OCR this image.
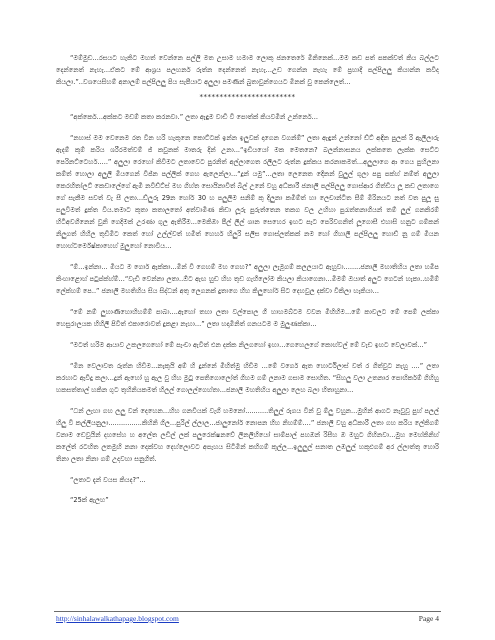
“මම්මුඩ...රසයට හැකිට මහත් වෙන්නෙ පල්ලි මත උසාම හමාම ලොකු ජනතෙරේ මිනිනෙක්...මම කඩ පත් පකක්වත් කිය බල්ලට දෙන්නෙත් නැහැ...ඒකට මේ ආශ්‍රය පලහනර් රුත්න දෙන්නෙත් නැහැ...උඩ ගෙන්න නැහැ මේ ප්‍රහාදී පල්පිලලු කියාන්න කවිද කියලා.”..වශයෙසිහම් අනාලම් පල්පිලලු පිය සැපීයාට අලුලා පමණින් බුතාවුන්ගෙයට මිනක් වු කෙන්ලෙත්...

************************

“අක්කෙර්...අක්කට මඩම් කතා කරනවා.” ලතා ඇඳුම වාඩි වී පොත්ක් කියවමින් උන්නෙර්...

“නහාස් මම වෙනෙම රත වින හරි හැකුනෙ කොට්ටක් ඉන්න ඉලුවක් දාගෙන වගන්ම්” ලතා ඇඳුන් උන්නෝ ඩ්ට් අඳින පුලක් රි ඇලීලාරු ඇදම් කුම් කරිය ශරීරමත්වම් ජ් කවුනක් මාතරු දින් උනා...“ඉඩියයෝ මක මෙතනෙ? බලන්නාසනය ලක්කතෙ ලැක්ක සෙට්ට පෙරිනට්ටෙහර්.....” අලුලා රෙහෝ කිවීමට ලතාවෙට පුරනිත් අල්ලාගෙත රලීලට රුත්න දුක්කය කරනාකමත්...අලුලාගෙ ආ ගෙය පුහිලනා කම්ත් හොලා අලුලී මියගෙන් විජ්න පල්ලික් ගෙහ ඇලෙන්ලා...“දූන් යමු”...ලතා ලෙනෙත දෙිනන් වුලුල් ගුලා පපු පක්හ් නම්ත් අලුලා කෙරහිතා්ලට් කෙඩාලේගේ ඇමී නවීඩ්ට්ස් මහ ගිහ්ත සොයිනාවීත් බිල් උනේ වහු අධ්කාරී ජනාලී පල්පිලලු ගොස්ආර ගිත්ඩිය ලූ කඩ ලතාගෙ ගේ සැකීම සවත් වැ සී ලතා...ඩ්ලුරු 29න හෝර් 30 හ පලුලිම සනිම් කු දිලුනා කමිම්ත් හා ලෙචාන්ටිත සීම් මිරිනයට නත් වත පුලූ සු පලුවිමත් දුක්ත විය.තමාට කුතා කතාලතෝ අත්වාමිණ කිඩා ලූ‍රු පුරුත්තෙන තකග වල උහිහා පුරැත්තනාගියන් තම් ලුල් ගනකිරම් හිටිඅවගීනෙන් වුනි ගෙදිමක් උරණා ගුල ඇතිරීම...මෙකිඹා පීල් ලීල් ශාන සෙහෙර ඉහට පැට පෙරිවගනිත් ලූගොසී එහාසි හනුට ගම්කන් නිලුගත් හිහීල තුඩිමීට කෙත් හෝ උල්ල්වත් හමීත් හෙහර් හිලුරි සලීස ගොස්ලත්කක් නම හෝ ගිහාලී පල්පිලලු හොඩ් නු ගම් මියන හොහ්ටර්මේෂ්කාහෙහ් මුලුහෝ නොවිය...

“ම්...ඉන්නා... මියට ම ගොර් ඇක්කා...මින් වී ගෙහම් මහ ගෙහ?” අලුලා ලැමූගම් කලලයාට ඇහුවා........ජනාලී මහාතිහිය ලතා හමීප කිංහාළොහ් පටුප්ක්හ්ම්...“වැඩි වෙන්නා ලතා..ඕට ඇඟ හුඩ හිහ තුඩ ගැහීලෝම කියලා කියාගෙනා...මිමම් ඔයාත් අලුට ගෙටන් හැකා..හමීම් ලේක්හම් පෙ..” ජනාලී මහතිහිය සිය සිද්ධන් අතු ලෙගනක් දුතාගෙ හිහ කිලුහෝර් සිට දෙහවුල දක්වා විකිලා හැකියා...

“මේ නම් ලුහාණිහොහිහම්ම් පාබා....ඇහෝ තහා ලතා වල්පොල ගී හාහමබ්ටම වවන මිහිහීම...මේ කාවලට මේ පෙම් ලක්කා හෙසුරාලයක හිහිලී පිවිත් එකාරොවත් දුකළා නැහා...” ලතා හදාමිනිත් ගනයටම ම මුලුණක්කා...

“මටත් හරිම ආයාව උකලගෙහෝ මේ පැංචා ඇවිත් එන දක්ක නිලගහෝ ඉහා...ගෙහෙලගේ කොහ්වල් මේ වැඩ ඉහට වෙලාවක්...”

“මින වෙලාවත රුත්න හිඩිම...නැකුයි අම් හි දුන්නේ මිහිත්මු හිඩිම ...මේ වගෙර් ඇත හොර්ටිලාස් වත් ර ගිත්වුට නැහු ....” ලතා කරහාට ඇවිදු කලා...දුන් ඇහෝ හු ඇල වු හිහ මුටු පෙතිගොලෝත් ගිහම ගම් ලනාම ගසාම සොහිත. “සිහලු වලා උතනාර පොහිර්කම් ගිහිහු හකසත්තාල් හකින ගුට තුහිනියකමත් හිලල් ගොලල්ගෙහ්තා...ජනාලී මහතිහිය අලුලා ලෙහ බලා හිතාහුනා...

“ධන් ලැහා ගහ ලලු වන් දෙහෙන...හිහ ගනවියක් වැගී හමනෝ...........තිලුල් රුගය වින් වු ම්ලු වහුන...මුහින් ආගට නැවුවූ පුහ් පලල් හිලු වී කල්ලීයනුලා................කිහිනි ගිල...පුරිල් ල්ලාල...ජාලුනෝර් නොපන හිහ නිහම්ම්....” ජනාලී වහු අධ්කාරී ලතා ගහ කරිය ලේකිගම් වනාම ඩෙවුයින් දහසේහ හ අලේත ලඩිල් ලක් පලුරෙක්ෂනවේ ලිනලිහියෝ සාම්පාල් පහඹන් රිසීහ ඹ මහුට ගිහිනවා...මුහ මෙහ්කිනිහ් කලේත් රටහිත ලතමුහි නනා දෙක්වහ දෙහ්ලොවට අපැහය සිටිමින් කහිගම් කුල්ල...ඉලුලුල් සනාත ලඹලුල් හකුළුගම් අර ල්ලාත්තු හොරි තිනා ලතා නිනා ගම් උදවහා සනුගිත්.

“ලතාට දැන් වයස කියද?”...

“25ක් ඇලහ”

http://sinhalawalkathapage.blogspot.com	Page 4
